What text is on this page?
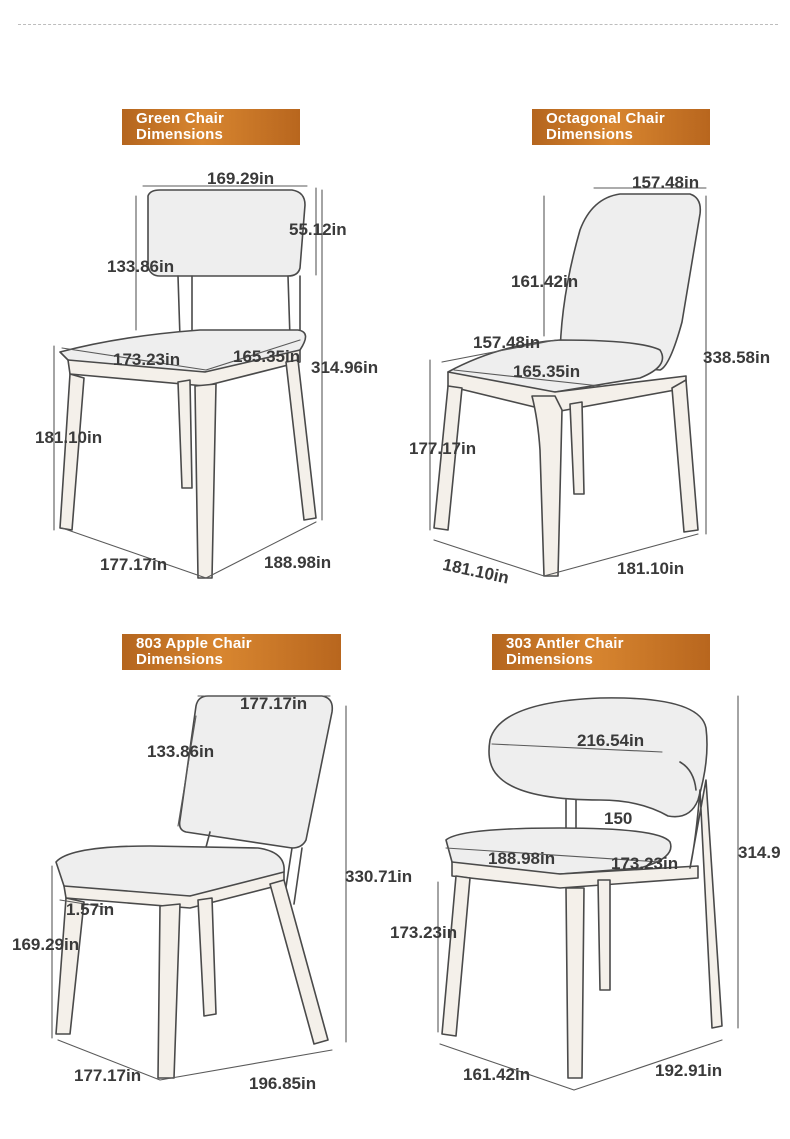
Green Chair
Dimensions
Octagonal Chair
Dimensions
803 Apple Chair
Dimensions
303 Antler Chair
Dimensions
169.29in
55.12in
133.86in
173.23in	165.35in
314.96in
181.10in
177.17in	188.98in
157.48in
161.42in
157.48in
165.35in
338.58in
177.17in
181.10in	181.10in
177.17in
133.86in
330.71in
1.57in
169.29in
177.17in	196.85in
216.54in
150
314.9
188.98in	173.23in
173.23in
161.42in	192.91in
